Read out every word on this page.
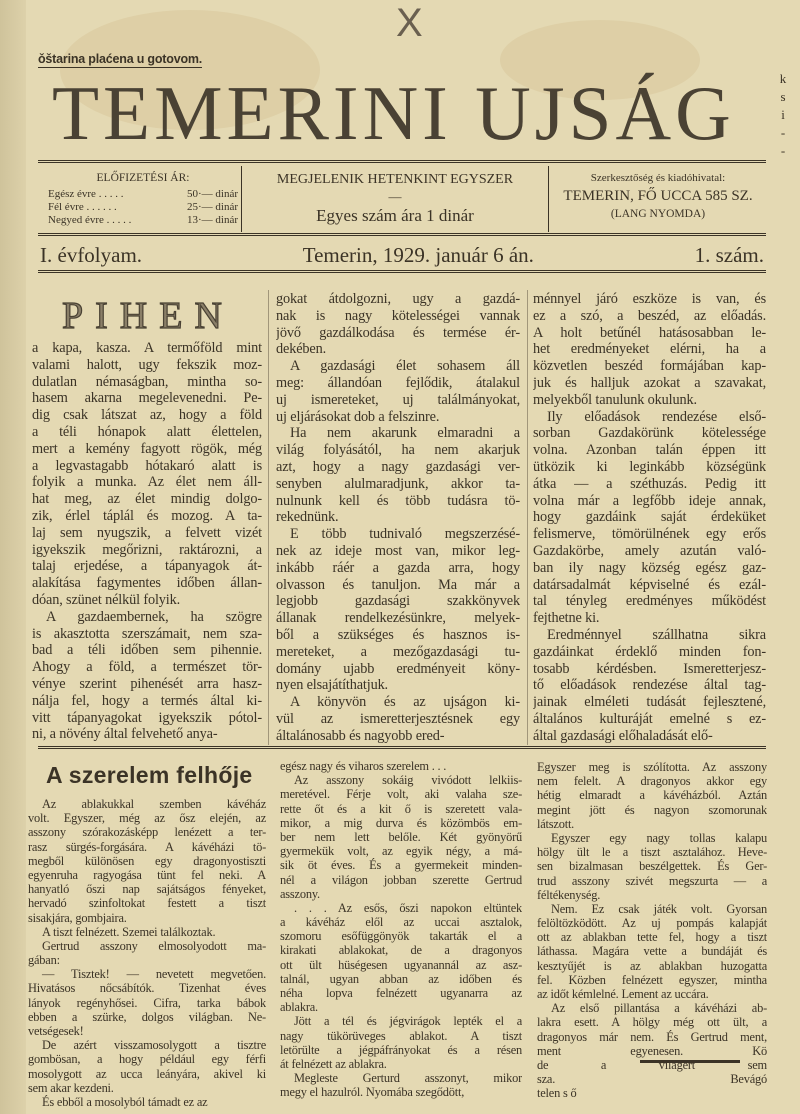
X
ǒštarina plaćena u gotovom.
TEMERINI UJSÁG	k
s
i
-
-
ELŐFIZETÉSI ÁR:
Egész évre . . . . .	50·— dinár
Fél évre . . . . . .	25·— dinár
Negyed évre . . . . .	13·— dinár
MEGJELENIK HETENKINT EGYSZER
—
Egyes szám ára 1 dinár
Szerkesztőség és kiadóhivatal:
TEMERIN, FŐ UCCA 585 SZ.
(LANG NYOMDA)
I. évfolyam.	Temerin, 1929. január 6 án.	1. szám.
PIHEN
a kapa, kasza. A termőföld mint
valami halott, ugy fekszik moz-
dulatlan némaságban, mintha so-
hasem akarna megelevenedni. Pe-
dig csak látszat az, hogy a föld
a téli hónapok alatt élettelen,
mert a kemény fagyott rögök, még
a legvastagabb hótakaró alatt is
folyik a munka. Az élet nem áll-
hat meg, az élet mindig dolgo-
zik, érlel táplál és mozog. A ta-
laj sem nyugszik, a felvett vizét
igyekszik megőrizni, raktározni, a
talaj erjedése, a tápanyagok át-
alakítása fagymentes időben állan-
dóan, szünet nélkül folyik.
A gazdaembernek, ha szögre
is akasztotta szerszámait, nem sza-
bad a téli időben sem pihennie.
Ahogy a föld, a természet tör-
vénye szerint pihenését arra hasz-
nálja fel, hogy a termés által ki-
vitt tápanyagokat igyekszik pótol-
ni, a növény által felvehető anya-
gokat átdolgozni, ugy a gazdá-
nak is nagy kötelességei vannak
jövő gazdálkodása és termése ér-
dekében.
A gazdasági élet sohasem áll
meg: állandóan fejlődik, átalakul
uj ismereteket, uj találmányokat,
uj eljárásokat dob a felszinre.
Ha nem akarunk elmaradni a
világ folyásától, ha nem akarjuk
azt, hogy a nagy gazdasági ver-
senyben alulmaradjunk, akkor ta-
nulnunk kell és több tudásra tö-
rekednünk.
E több tudnivaló megszerzésé-
nek az ideje most van, mikor leg-
inkább ráér a gazda arra, hogy
olvasson és tanuljon. Ma már a
legjobb gazdasági szakkönyvek
állanak rendelkezésünkre, melyek-
ből a szükséges és hasznos is-
mereteket, a mezőgazdasági tu-
domány ujabb eredményeit köny-
nyen elsajátíthatjuk.
A könyvön és az ujságon ki-
vül az ismeretterjesztésnek egy
általánosabb és nagyobb ered-
ménnyel járó eszköze is van, és
ez a szó, a beszéd, az előadás.
A holt betűnél hatásosabban le-
het eredményeket elérni, ha a
közvetlen beszéd formájában kap-
juk és halljuk azokat a szavakat,
melyekből tanulunk okulunk.
Ily előadások rendezése első-
sorban Gazdakörünk kötelessége
volna. Azonban talán éppen itt
ütközik ki leginkább községünk
átka — a széthuzás. Pedig itt
volna már a legfőbb ideje annak,
hogy gazdáink saját érdeküket
felismerve, tömörülnének egy erős
Gazdakörbe, amely azután való-
ban ily nagy község egész gaz-
datársadalmát képviselné és ezál-
tal tényleg eredményes működést
fejthetne ki.
Eredménnyel szállhatna sikra
gazdáinkat érdeklő minden fon-
tosabb kérdésben. Ismeretterjesz-
tő előadások rendezése által tag-
jainak elméleti tudását fejlesztené,
általános kulturáját emelné s ez-
által gazdasági előhaladását elő-
A szerelem felhője
Az ablakukkal szemben kávéház
volt. Egyszer, még az ősz elején, az
asszony szórakozásképp lenézett a ter-
rasz sürgés-forgására. A kávéházi tö-
megből különösen egy dragonyostiszti
egyenruha ragyogása tünt fel neki. A
hanyatló őszi nap sajátságos fényeket,
hervadó szinfoltokat festett a tiszt
sisakjára, gombjaira.
A tiszt felnézett. Szemei találkoztak.
Gertrud asszony elmosolyodott ma-
gában:
— Tisztek! — nevetett megvetően.
Hivatásos nőcsábítók. Tizenhat éves
lányok regényhősei. Cifra, tarka bábok
ebben a szürke, dolgos világban. Ne-
vetségesek!
De azért visszamosolygott a tisztre
gombösan, a hogy például egy férfi
mosolygott az ucca leányára, akivel ki
sem akar kezdeni.
És ebből a mosolyból támadt ez az
egész nagy és viharos szerelem . . .
Az asszony sokáig vivódott lelkiis-
meretével. Férje volt, aki valaha sze-
rette őt és a kit ő is szeretett vala-
mikor, a mig durva és közömbös em-
ber nem lett belőle. Két gyönyörű
gyermekük volt, az egyik négy, a má-
sik öt éves. És a gyermekeit minden-
nél a világon jobban szerette Gertrud
asszony.
. . . Az esős, őszi napokon eltüntek
a kávéház elől az uccai asztalok,
szomoru esőfüggönyök takarták el a
kirakati ablakokat, de a dragonyos
ott ült hüségesen ugyanannál az asz-
talnál, ugyan abban az időben és
néha lopva felnézett ugyanarra az
ablakra.
Jött a tél és jégvirágok lepték el a
nagy tükörüveges ablakot. A tiszt
letörülte a jégpáfrányokat és a résen
át felnézett az ablakra.
Megleste Gerturd asszonyt, mikor
megy el hazulról. Nyomába szegődött,
Egyszer meg is szólította. Az asszony
nem felelt. A dragonyos akkor egy
hétig elmaradt a kávéházból. Aztán
megint jött és nagyon szomorunak
látszott.
Egyszer egy nagy tollas kalapu
hölgy ült le a tiszt asztalához. Heve-
sen bizalmasan beszélgettek. És Ger-
trud asszony szivét megszurta — a
féltékenység.
Nem. Ez csak játék volt. Gyorsan
felöltözködött. Az uj pompás kalapját
ott az ablakban tette fel, hogy a tiszt
láthassa. Magára vette a bundáját és
kesztyűjét is az ablakban huzogatta
fel. Közben felnézett egyszer, mintha
az időt kémlelné. Lement az uccára.
Az első pillantása a kávéházi ab-
lakra esett. A hölgy még ott ült, a
dragonyos már nem. És Gertrud ment,
ment egyenesen. Kö
de a világért sem
sza. Bevágó
telen s ő
